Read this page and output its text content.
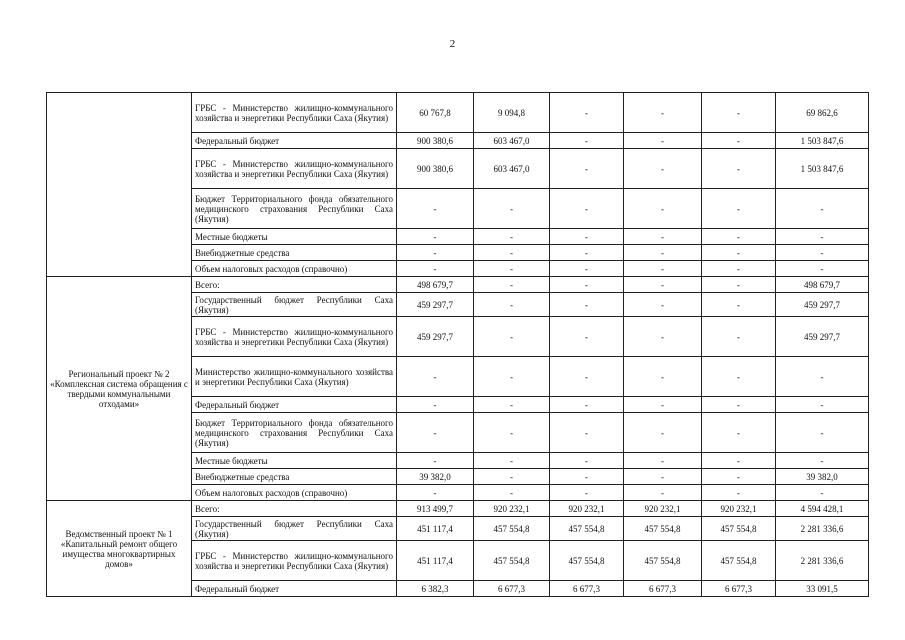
2
	ГРБС - Министерство жилищно-коммунального хозяйства и энергетики Республики Саха (Якутия)	60 767,8	9 094,8	-	-	-	69 862,6
	Федеральный бюджет	900 380,6	603 467,0	-	-	-	1 503 847,6
	ГРБС - Министерство жилищно-коммунального хозяйства и энергетики Республики Саха (Якутия)	900 380,6	603 467,0	-	-	-	1 503 847,6
	Бюджет Территориального фонда обязательного медицинского страхования Республики Саха (Якутия)	-	-	-	-	-	-
	Местные бюджеты	-	-	-	-	-	-
	Внебюджетные средства	-	-	-	-	-	-
	Объем налоговых расходов (справочно)	-	-	-	-	-	-
Региональный проект № 2 «Комплексная система обращения с твердыми коммунальными отходами»	Всего:	498 679,7	-	-	-	-	498 679,7
	Государственный бюджет Республики Саха (Якутия)	459 297,7	-	-	-	-	459 297,7
	ГРБС - Министерство жилищно-коммунального хозяйства и энергетики Республики Саха (Якутия)	459 297,7	-	-	-	-	459 297,7
	Министерство жилищно-коммунального хозяйства и энергетики Республики Саха (Якутия)	-	-	-	-	-	-
	Федеральный бюджет	-	-	-	-	-	-
	Бюджет Территориального фонда обязательного медицинского страхования Республики Саха (Якутия)	-	-	-	-	-	-
	Местные бюджеты	-	-	-	-	-	-
	Внебюджетные средства	39 382,0	-	-	-	-	39 382,0
	Объем налоговых расходов (справочно)	-	-	-	-	-	-
Ведомственный проект № 1 «Капитальный ремонт общего имущества многоквартирных домов»	Всего:	913 499,7	920 232,1	920 232,1	920 232,1	920 232,1	4 594 428,1
	Государственный бюджет Республики Саха (Якутия)	451 117,4	457 554,8	457 554,8	457 554,8	457 554,8	2 281 336,6
	ГРБС - Министерство жилищно-коммунального хозяйства и энергетики Республики Саха (Якутия)	451 117,4	457 554,8	457 554,8	457 554,8	457 554,8	2 281 336,6
	Федеральный бюджет	6 382,3	6 677,3	6 677,3	6 677,3	6 677,3	33 091,5
